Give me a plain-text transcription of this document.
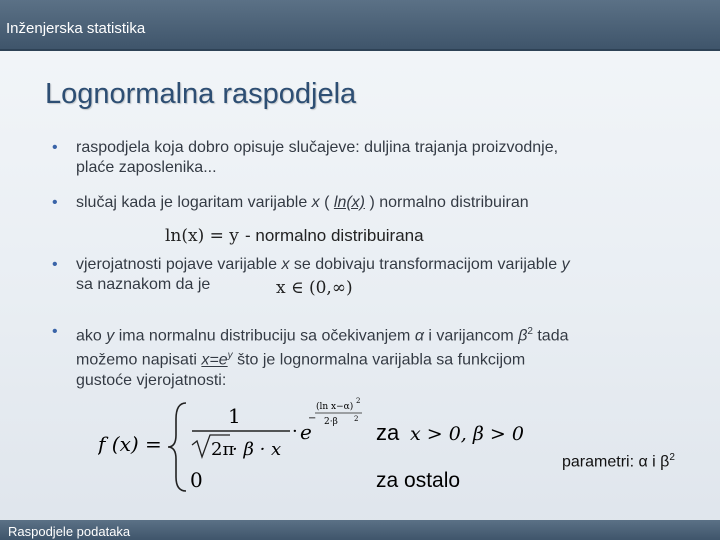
Inženjerska statistika
Lognormalna raspodjela
• raspodjela koja dobro opisuje slučajeve: duljina trajanja proizvodnje,
plaće zaposlenika...
• slučaj kada je logaritam varijable x ( ln(x) ) normalno distribuiran
ln(x) = y - normalno distribuirana
• vjerojatnosti pojave varijable x se dobivaju transformacijom varijable y
sa naznakom da je	x ∈ (0,∞)
• ako y ima normalnu distribuciju sa očekivanjem α i varijancom $\beta^2$ tada
možemo napisati $x=e^y$ što je lognormalna varijabla sa funkcijom
gustoće vjerojatnosti:
f (x) =
1
2π
· β · x
· e
−
(ln x−α)
2
2·β 2
za x > 0, β > 0
0	za ostalo
parametri: α i $\beta^2$
Raspodjele podataka
